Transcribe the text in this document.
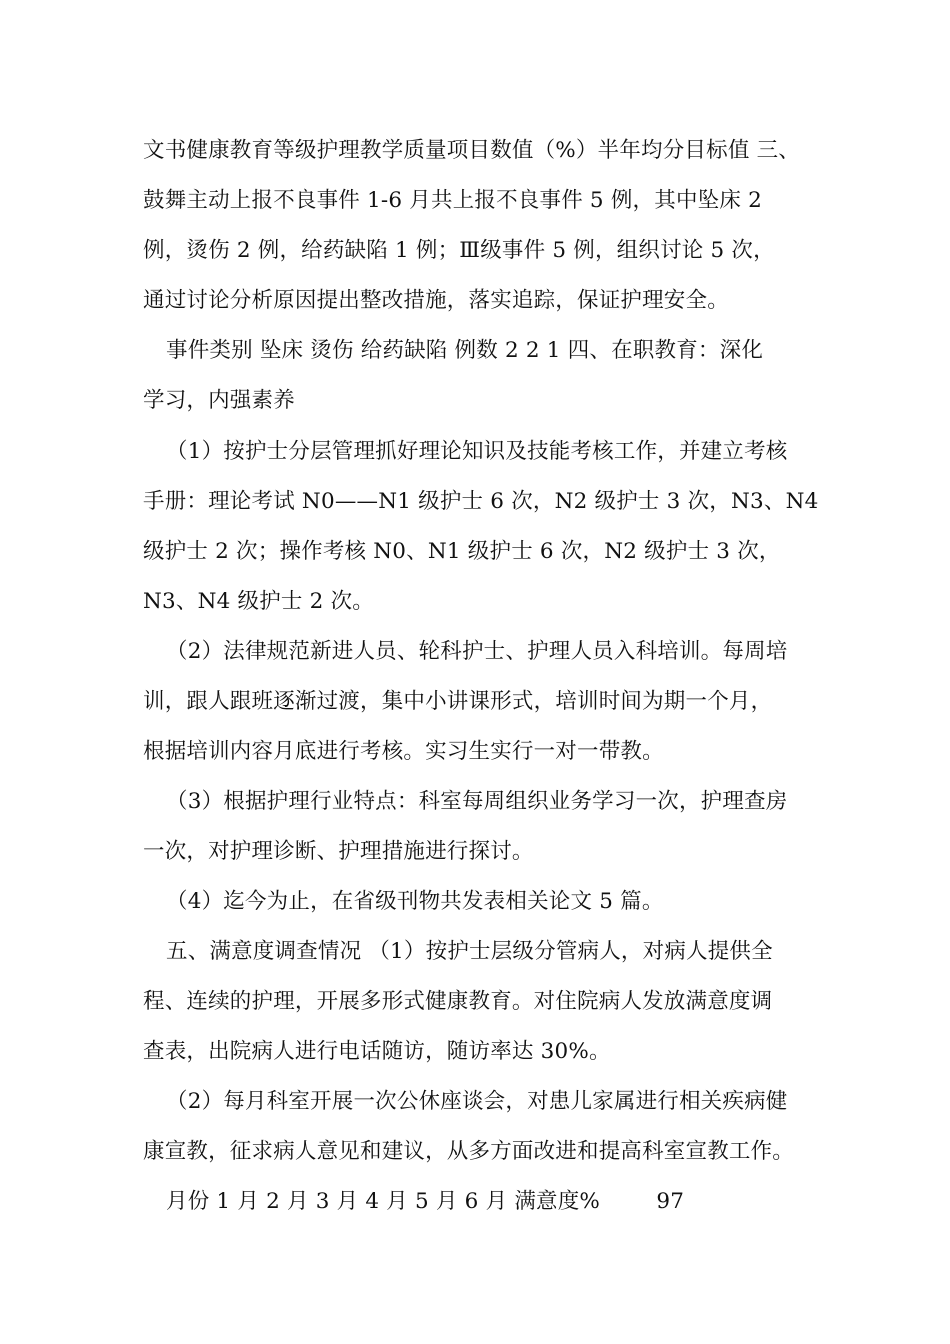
文书健康教育等级护理教学质量项目数值（%）半年均分目标值 三、
鼓舞主动上报不良事件 1-6 月共上报不良事件 5 例，其中坠床 2
例，烫伤 2 例，给药缺陷 1 例；Ⅲ级事件 5 例，组织讨论 5 次，
通过讨论分析原因提出整改措施，落实追踪，保证护理安全。
事件类别 坠床 烫伤 给药缺陷 例数 2 2 1 四、在职教育：深化
学习，内强素养
（1）按护士分层管理抓好理论知识及技能考核工作，并建立考核
手册：理论考试 N0——N1 级护士 6 次，N2 级护士 3 次，N3、N4
级护士 2 次；操作考核 N0、N1 级护士 6 次，N2 级护士 3 次，
N3、N4 级护士 2 次。
（2）法律规范新进人员、轮科护士、护理人员入科培训。每周培
训，跟人跟班逐渐过渡，集中小讲课形式，培训时间为期一个月，
根据培训内容月底进行考核。实习生实行一对一带教。
（3）根据护理行业特点：科室每周组织业务学习一次，护理查房
一次，对护理诊断、护理措施进行探讨。
（4）迄今为止，在省级刊物共发表相关论文 5 篇。
五、满意度调查情况 （1）按护士层级分管病人，对病人提供全
程、连续的护理，开展多形式健康教育。对住院病人发放满意度调
查表，出院病人进行电话随访，随访率达 30%。
（2）每月科室开展一次公休座谈会，对患儿家属进行相关疾病健
康宣教，征求病人意见和建议，从多方面改进和提高科室宣教工作。
月份 1 月 2 月 3 月 4 月 5 月 6 月 满意度%        97
